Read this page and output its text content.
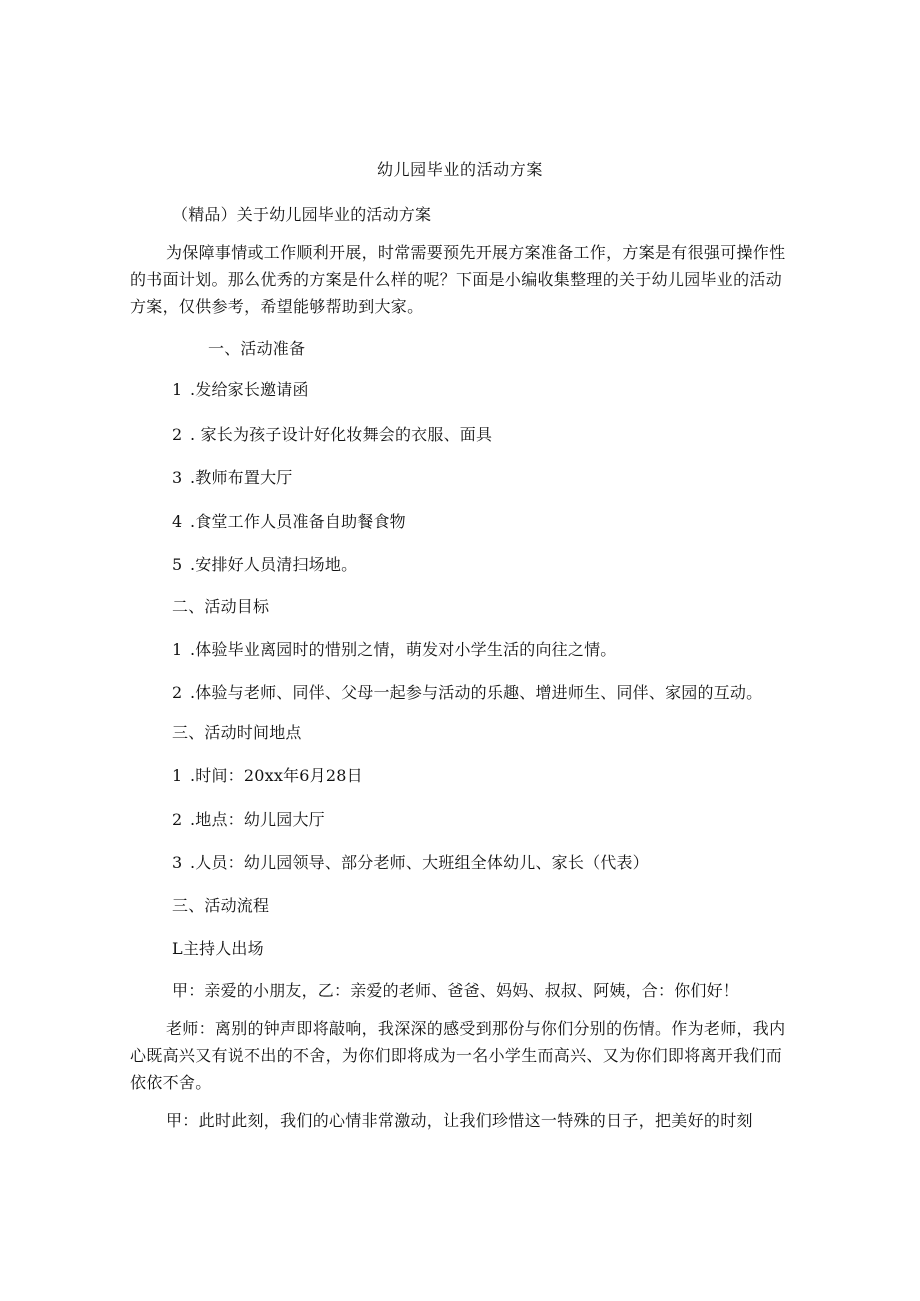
幼儿园毕业的活动方案
（精品）关于幼儿园毕业的活动方案

为保障事情或工作顺利开展，时常需要预先开展方案准备工作，方案是有很强可操作性的书面计划。那么优秀的方案是什么样的呢？下面是小编收集整理的关于幼儿园毕业的活动方案，仅供参考，希望能够帮助到大家。

一、活动准备
1 .发给家长邀请函
2 . 家长为孩子设计好化妆舞会的衣服、面具
3 .教师布置大厅
4 .食堂工作人员准备自助餐食物
5 .安排好人员清扫场地。
二、活动目标
1 .体验毕业离园时的惜别之情，萌发对小学生活的向往之情。
2 .体验与老师、同伴、父母一起参与活动的乐趣、增进师生、同伴、家园的互动。
三、活动时间地点
1 .时间：20xx年6月28日
2 .地点：幼儿园大厅
3 .人员：幼儿园领导、部分老师、大班组全体幼儿、家长（代表）
三、活动流程
L主持人出场
甲：亲爱的小朋友，乙：亲爱的老师、爸爸、妈妈、叔叔、阿姨，合：你们好！

老师：离别的钟声即将敲响，我深深的感受到那份与你们分别的伤情。作为老师，我内心既高兴又有说不出的不舍，为你们即将成为一名小学生而高兴、又为你们即将离开我们而依依不舍。

甲：此时此刻，我们的心情非常激动，让我们珍惜这一特殊的日子，把美好的时刻
